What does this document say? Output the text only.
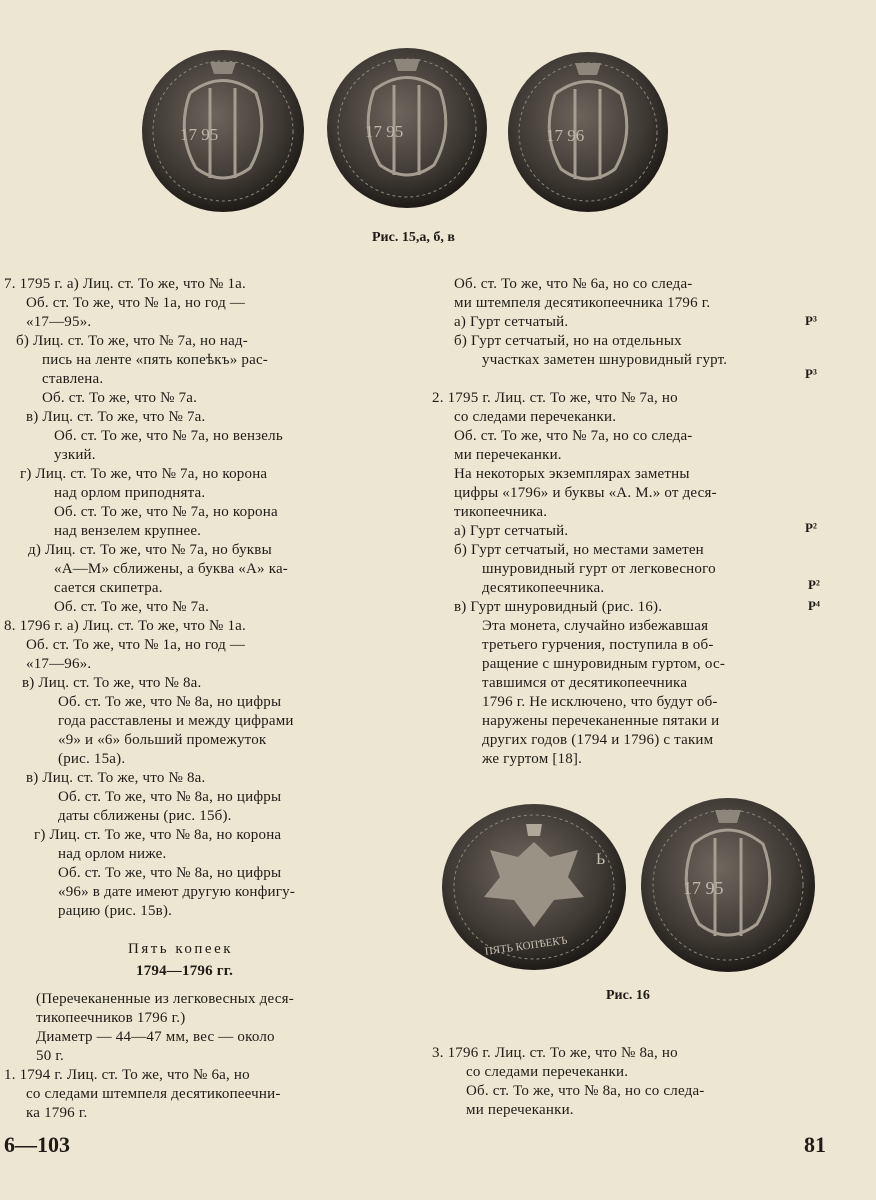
17 95	17 95	17 96
Рис. 15,а, б, в
7. 1795 г. а) Лиц. ст. То же, что № 1а.
Об. ст. То же, что № 1а, но год —
«17—95».
б) Лиц. ст. То же, что № 7а, но над-
пись на ленте «пять копеѣкъ» рас-
ставлена.
Об. ст. То же, что № 7а.
в) Лиц. ст. То же, что № 7а.
Об. ст. То же, что № 7а, но вензель
узкий.
г) Лиц. ст. То же, что № 7а, но корона
над орлом приподнята.
Об. ст. То же, что № 7а, но корона
над вензелем крупнее.
д) Лиц. ст. То же, что № 7а, но буквы
«А—М» сближены, а буква «А» ка-
сается скипетра.
Об. ст. То же, что № 7а.
8. 1796 г. а) Лиц. ст. То же, что № 1а.
Об. ст. То же, что № 1а, но год —
«17—96».
в) Лиц. ст. То же, что № 8а.
Об. ст. То же, что № 8а, но цифры
года расставлены и между цифрами
«9» и «6» больший промежуток
(рис. 15а).
в) Лиц. ст. То же, что № 8а.
Об. ст. То же, что № 8а, но цифры
даты сближены (рис. 15б).
г) Лиц. ст. То же, что № 8а, но корона
над орлом ниже.
Об. ст. То же, что № 8а, но цифры
«96» в дате имеют другую конфигу-
рацию (рис. 15в).
Пять копеек
1794—1796 гг.
(Перечеканенные из легковесных деся-
тикопеечников 1796 г.)
Диаметр — 44—47 мм, вес — около
50 г.
1. 1794 г. Лиц. ст. То же, что № 6а, но
со следами штемпеля десятикопеечни-
ка 1796 г.
Об. ст. То же, что № 6а, но со следа-
ми штемпеля десятикопеечника 1796 г.
а) Гурт сетчатый.
б) Гурт сетчатый, но на отдельных
участках заметен шнуровидный гурт.
2. 1795 г. Лиц. ст. То же, что № 7а, но
со следами перечеканки.
Об. ст. То же, что № 7а, но со следа-
ми перечеканки.
На некоторых экземплярах заметны
цифры «1796» и буквы «А. М.» от деся-
тикопеечника.
а) Гурт сетчатый.
б) Гурт сетчатый, но местами заметен
шнуровидный гурт от легковесного
десятикопеечника.
в) Гурт шнуровидный (рис. 16).
Эта монета, случайно избежавшая
третьего гурчения, поступила в об-
ращение с шнуровидным гуртом, ос-
тавшимся от десятикопеечника
1796 г. Не исключено, что будут об-
наружены перечеканенные пятаки и
других годов (1794 и 1796) с таким
же гуртом [18].
3. 1796 г. Лиц. ст. То же, что № 8а, но
со следами перечеканки.
Об. ст. То же, что № 8а, но со следа-
ми перечеканки.
Р³
Р³
Р²
Р²
Р⁴
Ь
ПЯТЬ КОПѢЕКЪ
17 95
Рис. 16
6—103	81
